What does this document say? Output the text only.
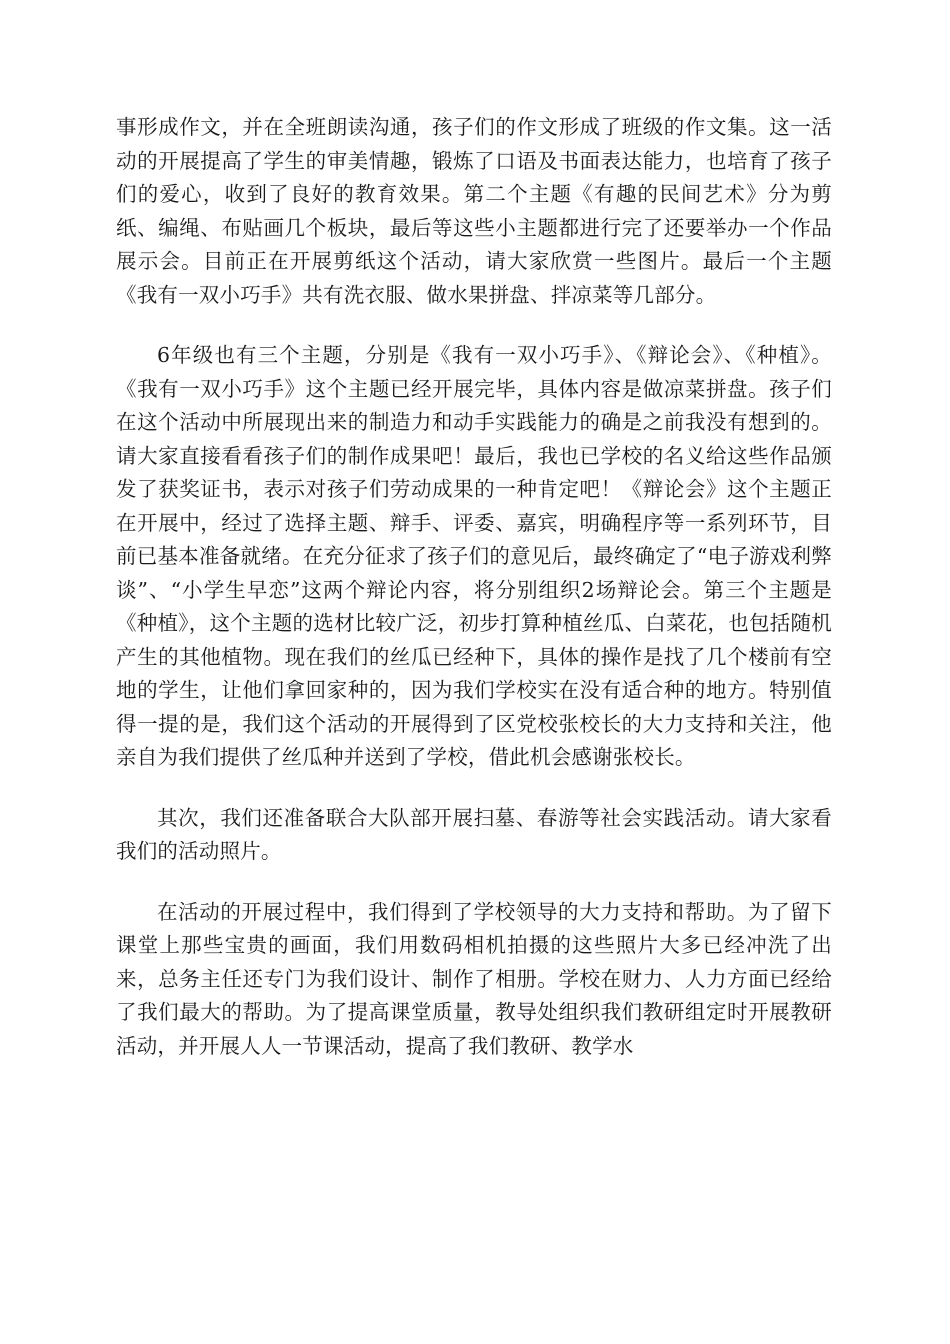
事形成作文，并在全班朗读沟通，孩子们的作文形成了班级的作文集。这一活动的开展提高了学生的审美情趣，锻炼了口语及书面表达能力，也培育了孩子们的爱心，收到了良好的教育效果。第二个主题《有趣的民间艺术》分为剪纸、编绳、布贴画几个板块，最后等这些小主题都进行完了还要举办一个作品展示会。目前正在开展剪纸这个活动，请大家欣赏一些图片。最后一个主题《我有一双小巧手》共有洗衣服、做水果拼盘、拌凉菜等几部分。

6年级也有三个主题，分别是《我有一双小巧手》、《辩论会》、《种植》。《我有一双小巧手》这个主题已经开展完毕，具体内容是做凉菜拼盘。孩子们在这个活动中所展现出来的制造力和动手实践能力的确是之前我没有想到的。请大家直接看看孩子们的制作成果吧！最后，我也已学校的名义给这些作品颁发了获奖证书，表示对孩子们劳动成果的一种肯定吧！《辩论会》这个主题正在开展中，经过了选择主题、辩手、评委、嘉宾，明确程序等一系列环节，目前已基本准备就绪。在充分征求了孩子们的意见后，最终确定了“电子游戏利弊谈”、“小学生早恋”这两个辩论内容，将分别组织2场辩论会。第三个主题是《种植》，这个主题的选材比较广泛，初步打算种植丝瓜、白菜花，也包括随机产生的其他植物。现在我们的丝瓜已经种下，具体的操作是找了几个楼前有空地的学生，让他们拿回家种的，因为我们学校实在没有适合种的地方。特别值得一提的是，我们这个活动的开展得到了区党校张校长的大力支持和关注，他亲自为我们提供了丝瓜种并送到了学校，借此机会感谢张校长。

其次，我们还准备联合大队部开展扫墓、春游等社会实践活动。请大家看我们的活动照片。

在活动的开展过程中，我们得到了学校领导的大力支持和帮助。为了留下课堂上那些宝贵的画面，我们用数码相机拍摄的这些照片大多已经冲洗了出来，总务主任还专门为我们设计、制作了相册。学校在财力、人力方面已经给了我们最大的帮助。为了提高课堂质量，教导处组织我们教研组定时开展教研活动，并开展人人一节课活动，提高了我们教研、教学水
